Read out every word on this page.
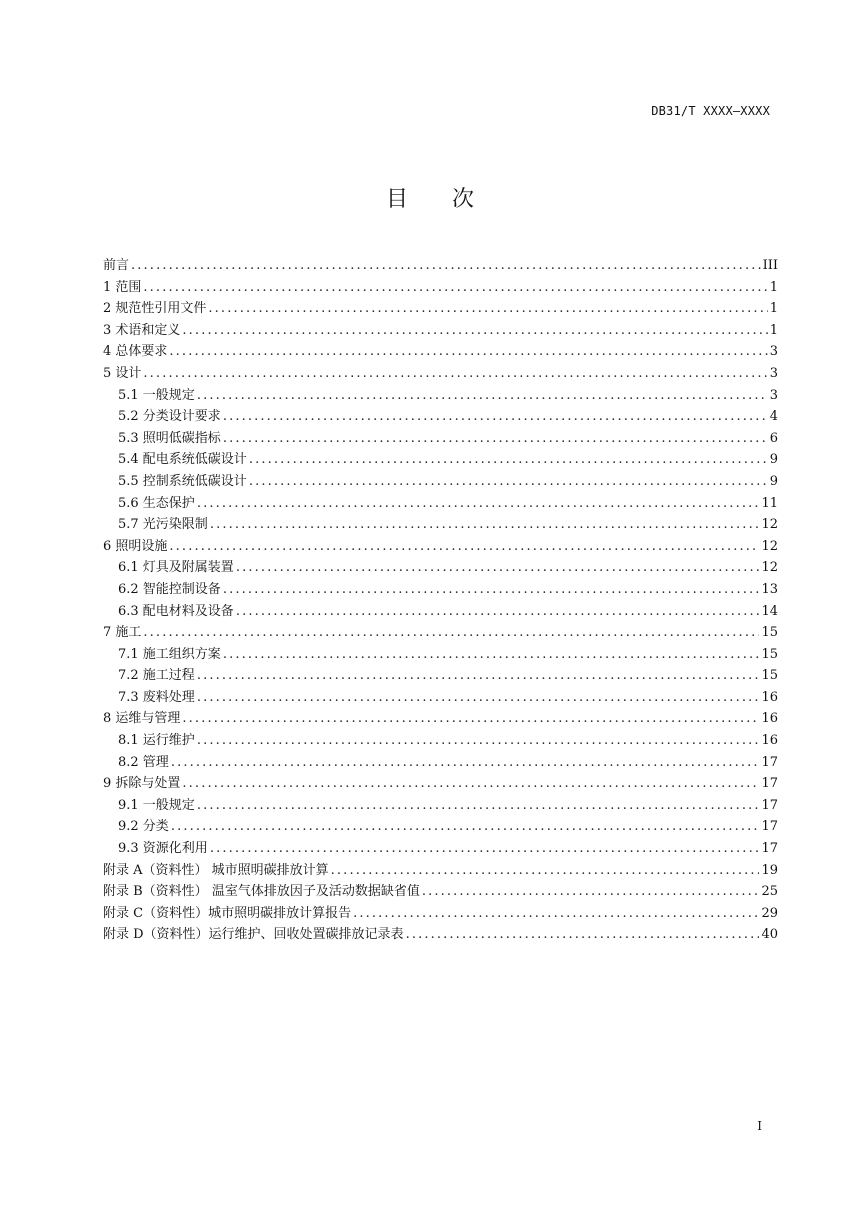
DB31/T XXXX—XXXX
目　　次
前言 . . .	III
1 范围 . . .	1
2 规范性引用文件 . . .	1
3 术语和定义 . . .	1
4 总体要求 . . .	3
5 设计 . . .	3
5.1 一般规定 . . .	3
5.2 分类设计要求 . . .	4
5.3 照明低碳指标 . . .	6
5.4 配电系统低碳设计 . . .	9
5.5 控制系统低碳设计 . . .	9
5.6 生态保护 . . .	11
5.7 光污染限制 . . .	12
6 照明设施 . . .	12
6.1 灯具及附属装置 . . .	12
6.2 智能控制设备 . . .	13
6.3 配电材料及设备 . . .	14
7 施工 . . .	15
7.1 施工组织方案 . . .	15
7.2 施工过程 . . .	15
7.3 废料处理 . . .	16
8 运维与管理 . . .	16
8.1 运行维护 . . .	16
8.2 管理 . . .	17
9 拆除与处置 . . .	17
9.1 一般规定 . . .	17
9.2 分类 . . .	17
9.3 资源化利用 . . .	17
附录 A（资料性） 城市照明碳排放计算 . . .	19
附录 B（资料性） 温室气体排放因子及活动数据缺省值 . . .	25
附录 C（资料性）城市照明碳排放计算报告 . . .	29
附录 D（资料性）运行维护、回收处置碳排放记录表 . . .	40
I
